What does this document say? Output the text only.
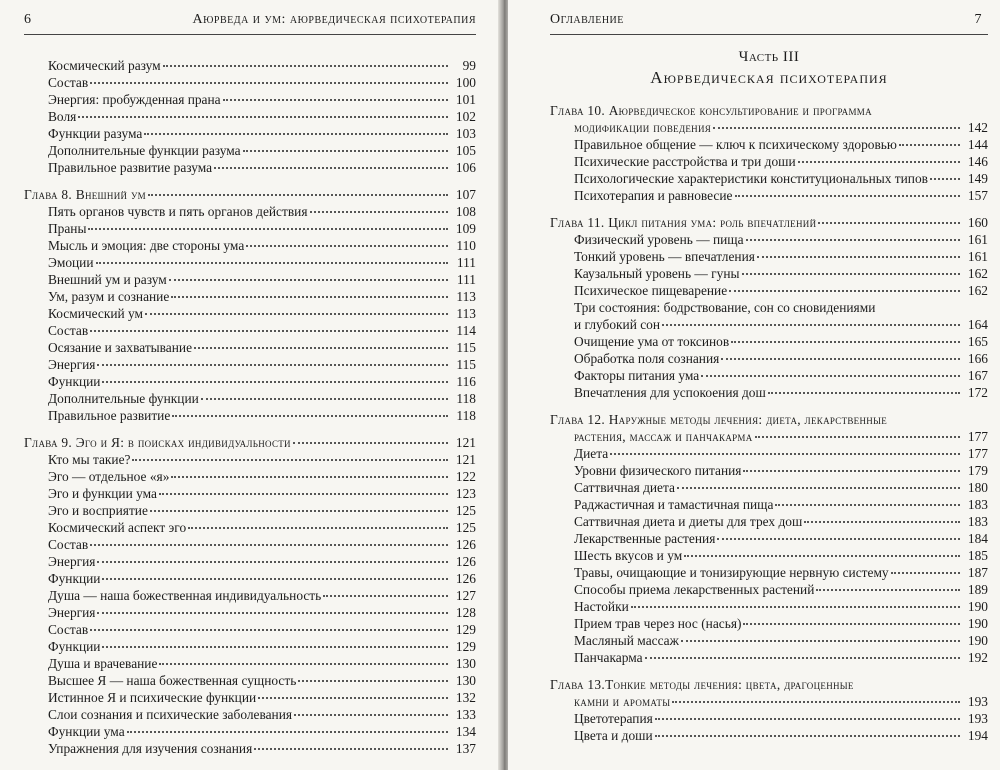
6	Аюрведа и ум: аюрведическая психотерапия
Космический разум	99
Состав	100
Энергия: пробужденная прана	101
Воля	102
Функции разума	103
Дополнительные функции разума	105
Правильное развитие разума	106
Глава 8. Внешний ум	107
Пять органов чувств и пять органов действия	108
Праны	109
Мысль и эмоция: две стороны ума	110
Эмоции	111
Внешний ум и разум	111
Ум, разум и сознание	113
Космический ум	113
Состав	114
Осязание и захватывание	115
Энергия	115
Функции	116
Дополнительные функции	118
Правильное развитие	118
Глава 9. Эго и Я: в поисках индивидуальности	121
Кто мы такие?	121
Эго — отдельное «я»	122
Эго и функции ума	123
Эго и восприятие	125
Космический аспект эго	125
Состав	126
Энергия	126
Функции	126
Душа — наша божественная индивидуальность	127
Энергия	128
Состав	129
Функции	129
Душа и врачевание	130
Высшее Я — наша божественная сущность	130
Истинное Я и психические функции	132
Слои сознания и психические заболевания	133
Функции ума	134
Упражнения для изучения сознания	137
Оглавление	7
Часть III
Аюрведическая психотерапия
Глава 10. Аюрведическое консультирование и программа
модификации поведения	142
Правильное общение — ключ к психическому здоровью	144
Психические расстройства и три доши	146
Психологические характеристики конституциональных типов	149
Психотерапия и равновесие	157
Глава 11. Цикл питания ума: роль впечатлений	160
Физический уровень — пища	161
Тонкий уровень — впечатления	161
Каузальный уровень — гуны	162
Психическое пищеварение	162
Три состояния: бодрствование, сон со сновидениями
и глубокий сон	164
Очищение ума от токсинов	165
Обработка поля сознания	166
Факторы питания ума	167
Впечатления для успокоения дош	172
Глава 12. Наружные методы лечения: диета, лекарственные
растения, массаж и панчакарма	177
Диета	177
Уровни физического питания	179
Саттвичная диета	180
Раджастичная и тамастичная пища	183
Саттвичная диета и диеты для трех дош	183
Лекарственные растения	184
Шесть вкусов и ум	185
Травы, очищающие и тонизирующие нервную систему	187
Способы приема лекарственных растений	189
Настойки	190
Прием трав через нос (насья)	190
Масляный массаж	190
Панчакарма	192
Глава 13.Тонкие методы лечения: цвета, драгоценные
камни и ароматы	193
Цветотерапия	193
Цвета и доши	194
